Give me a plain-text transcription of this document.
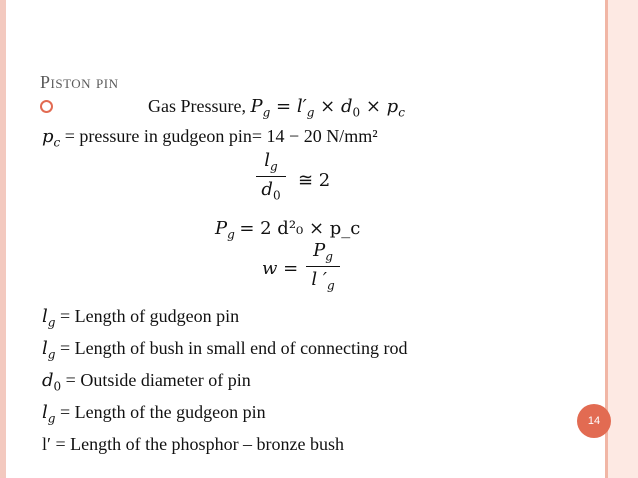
Piston pin
Gas Pressure, $P_g = l'_g \times d_0 \times p_c$
$p_c$ = pressure in gudgeon pin= 14 − 20 N/mm²
$l_g$
$d_0$
≅ 2
$P_g = 2$ d²₀ × p_c
w =
$P_g$
l $'_g$
$l_g$ = Length of gudgeon pin
$l_g$ = Length of bush in small end of connecting rod
$d_0$ = Outside diameter of pin
$l_g$ = Length of the gudgeon pin
l′ = Length of the phosphor – bronze bush
14
